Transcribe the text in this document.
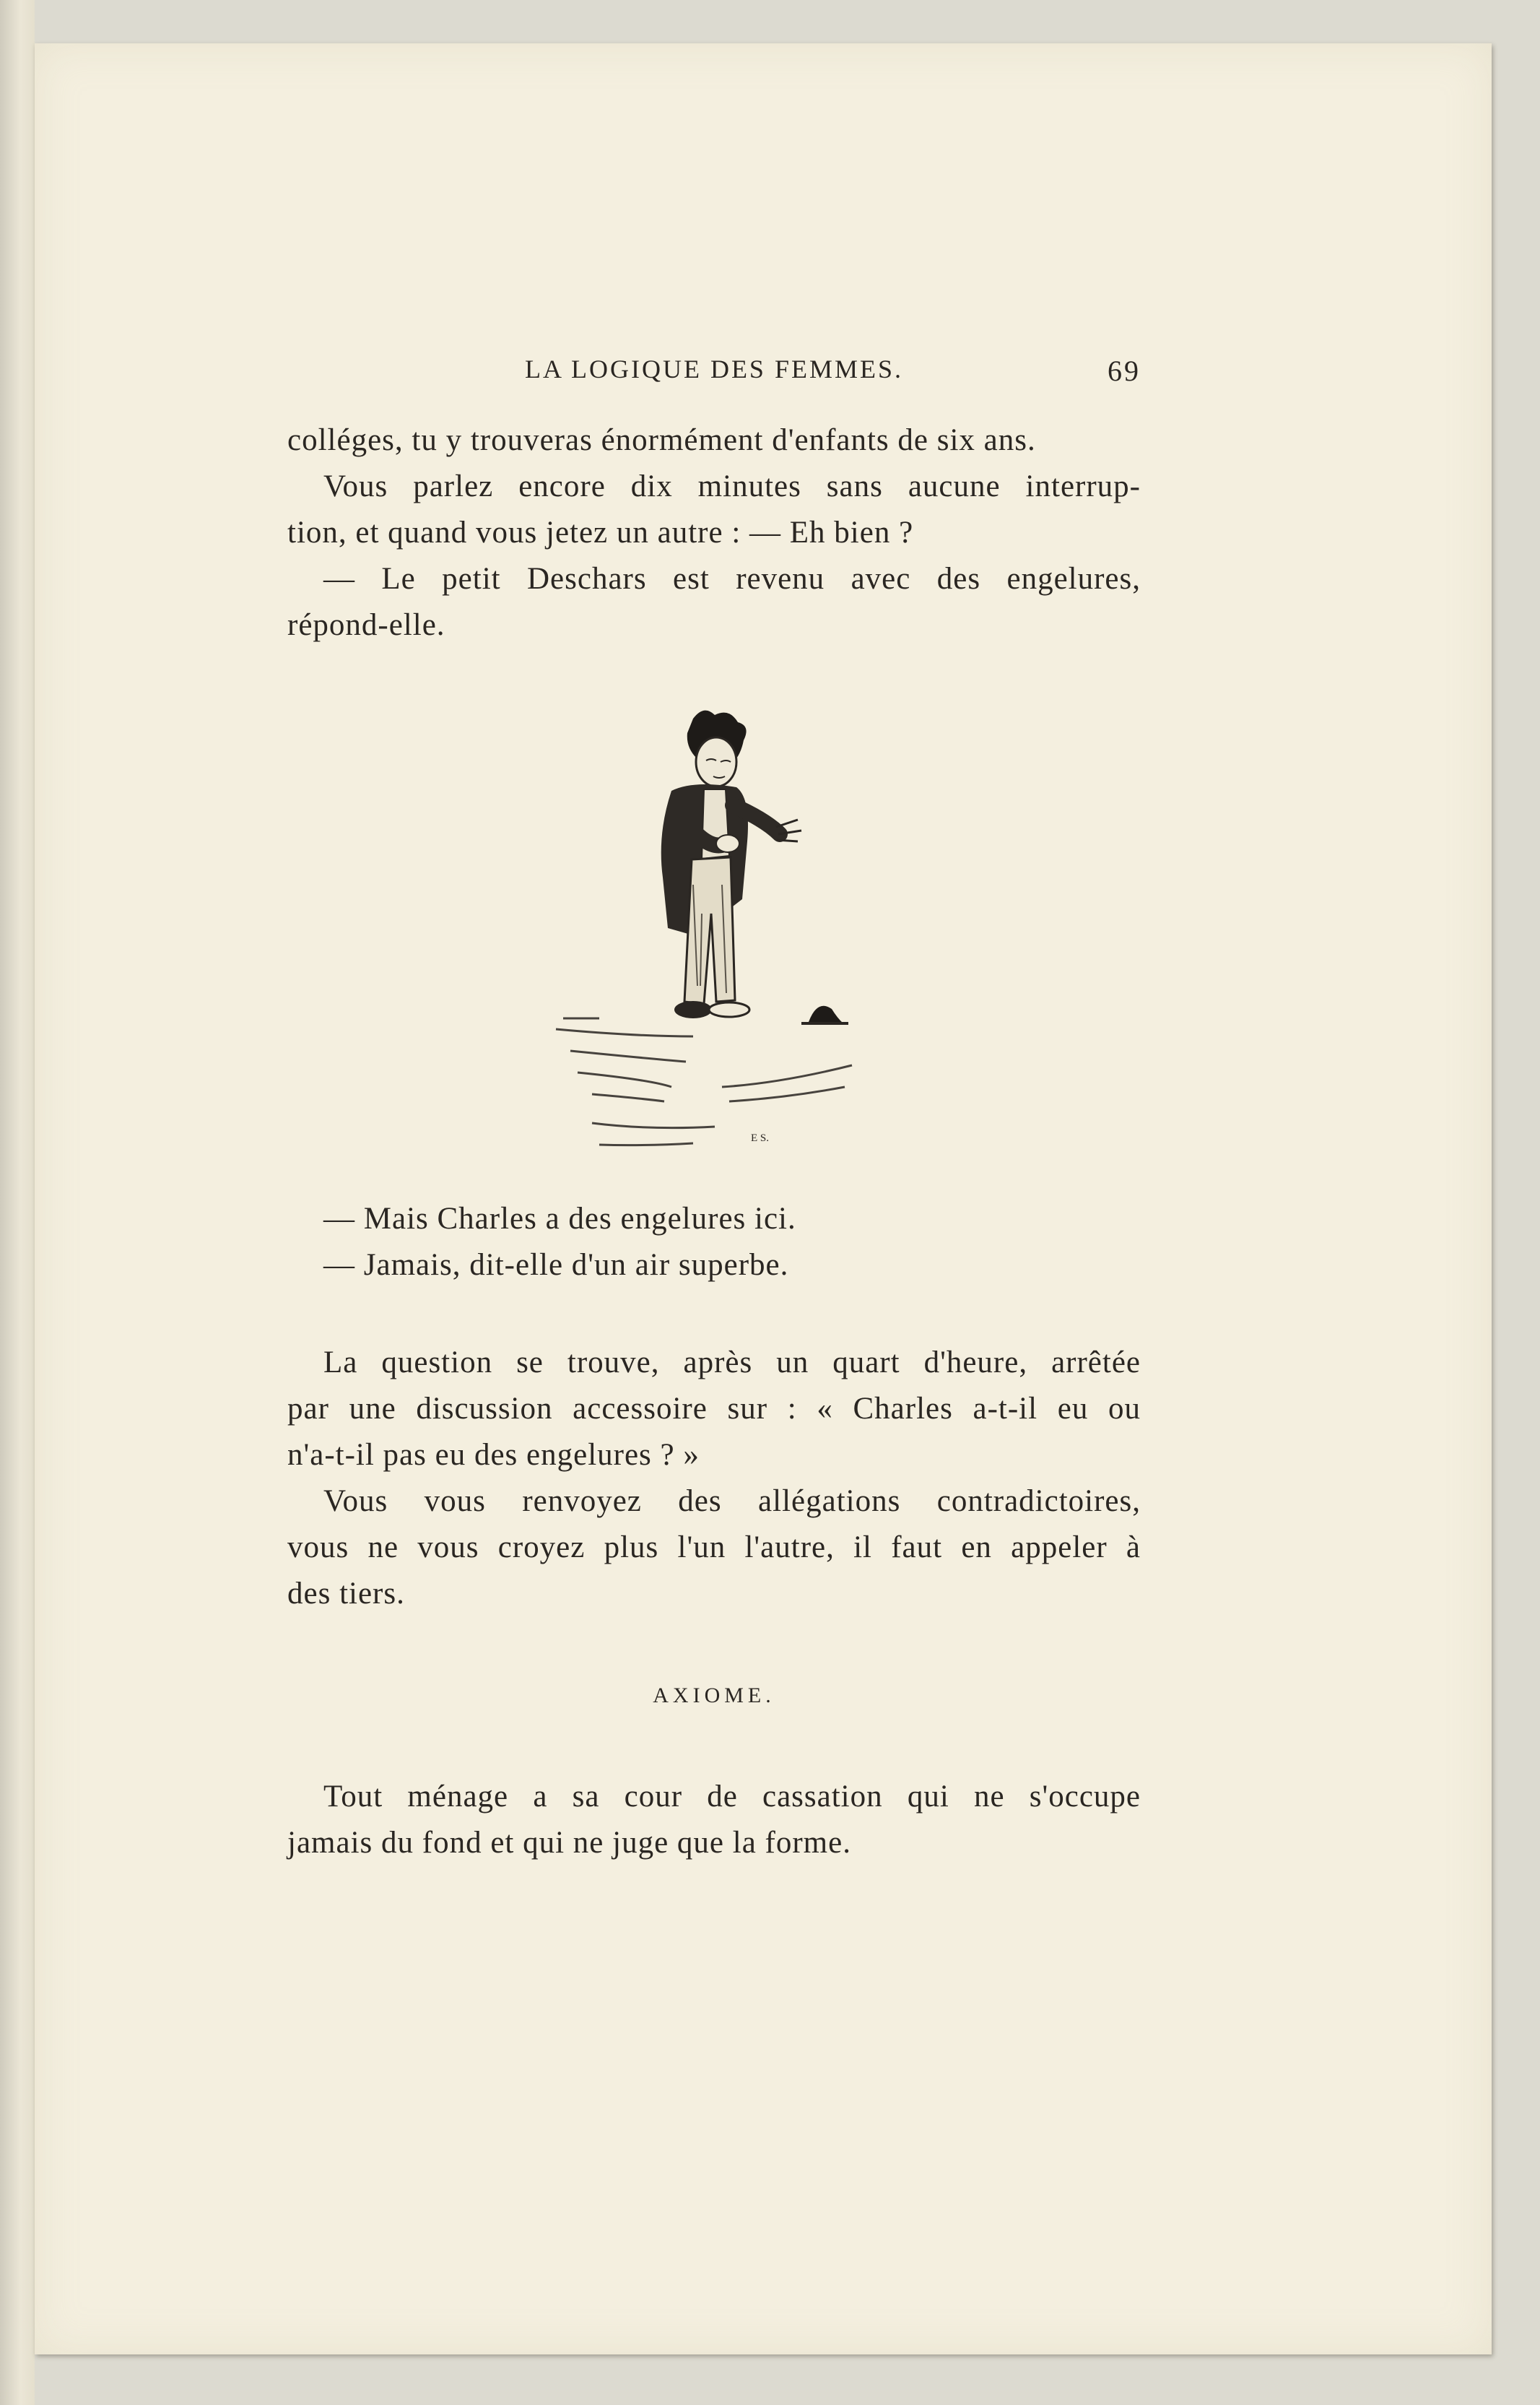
LA LOGIQUE DES FEMMES.	69
colléges, tu y trouveras énormément d'enfants de six ans.
Vous parlez encore dix minutes sans aucune interrup-
tion, et quand vous jetez un autre : — Eh bien ?
— Le petit Deschars est revenu avec des engelures,
répond-elle.
E S.
— Mais Charles a des engelures ici.
— Jamais, dit-elle d'un air superbe.
La question se trouve, après un quart d'heure, arrêtée
par une discussion accessoire sur : « Charles a-t-il eu ou
n'a-t-il pas eu des engelures ? »
Vous vous renvoyez des allégations contradictoires,
vous ne vous croyez plus l'un l'autre, il faut en appeler à
des tiers.
AXIOME.
Tout ménage a sa cour de cassation qui ne s'occupe
jamais du fond et qui ne juge que la forme.
